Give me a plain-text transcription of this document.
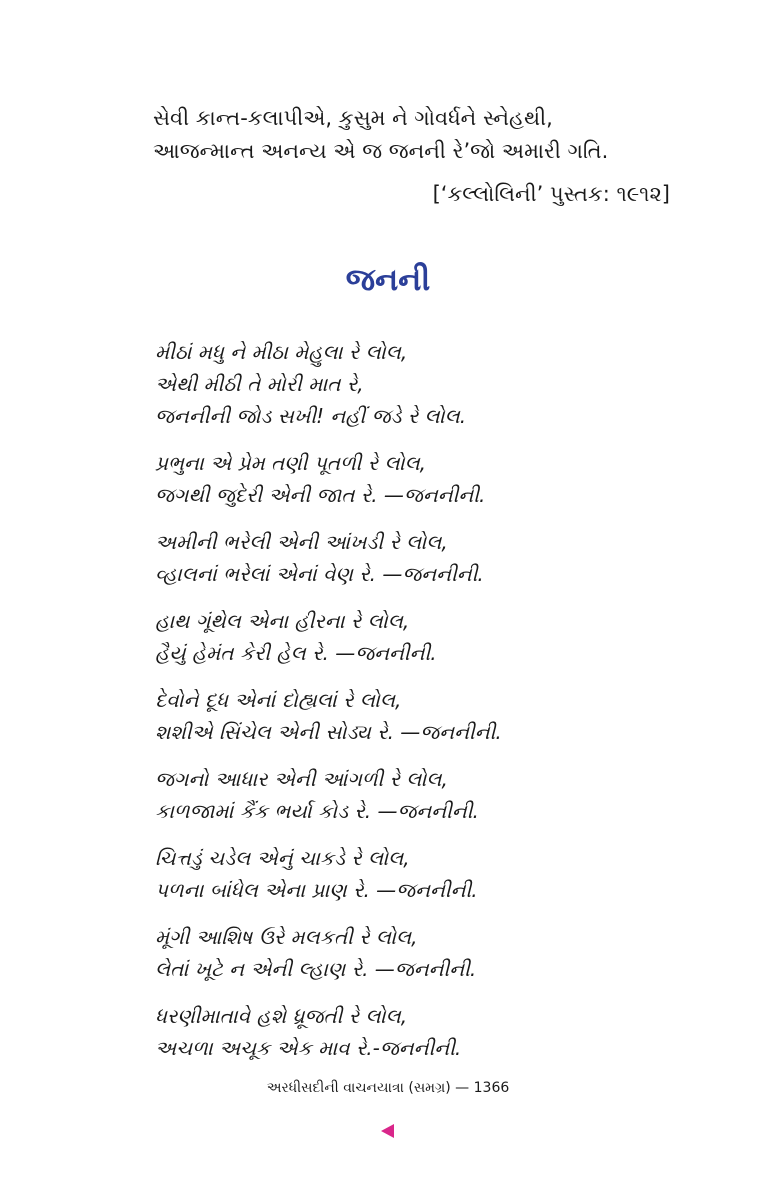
સેવી કાન્ત-કલાપીએ, કુસુમ ને ગોવર્ધને સ્નેહથી,
આજન્માન્ત અનન્ય એ જ જનની રે’જો અમારી ગતિ.
[‘કલ્લોલિની’ પુસ્તક: ૧૯૧૨]
જનની
મીઠાં મધુ ને મીઠા મેહુલા રે લોલ,
એથી મીઠી તે મોરી માત રે,
જનનીની જોડ સખી! નહીં જડે રે લોલ.
પ્રભુના એ પ્રેમ તણી પૂતળી રે લોલ,
જગથી જુદેરી એની જાત રે. —જનનીની.
અમીની ભરેલી એની આંખડી રે લોલ,
વ્હાલનાં ભરેલાં એનાં વેણ રે. —જનનીની.
હાથ ગૂંથેલ એના હીરના રે લોલ,
હૈયું હેમંત કેરી હેલ રે. —જનનીની.
દેવોને દૂધ એનાં દોહ્યલાં રે લોલ,
શશીએ સિંચેલ એની સોડ્ય રે. —જનનીની.
જગનો આધાર એની આંગળી રે લોલ,
કાળજામાં કૈંક ભર્યા કોડ રે. —જનનીની.
ચિત્તડું ચડેલ એનું ચાકડે રે લોલ,
પળના બાંધેલ એના પ્રાણ રે. —જનનીની.
મૂંગી આશિષ ઉરે મલકતી રે લોલ,
લેતાં ખૂટે ન એની લ્હાણ રે. —જનનીની.
ધરણીમાતાવે હશે ધ્રૂજતી રે લોલ,
અચળા અચૂક એક માવ રે.-જનનીની.
અરધીસદીની વાચનયાત્રા (સમગ્ર) — 1366
